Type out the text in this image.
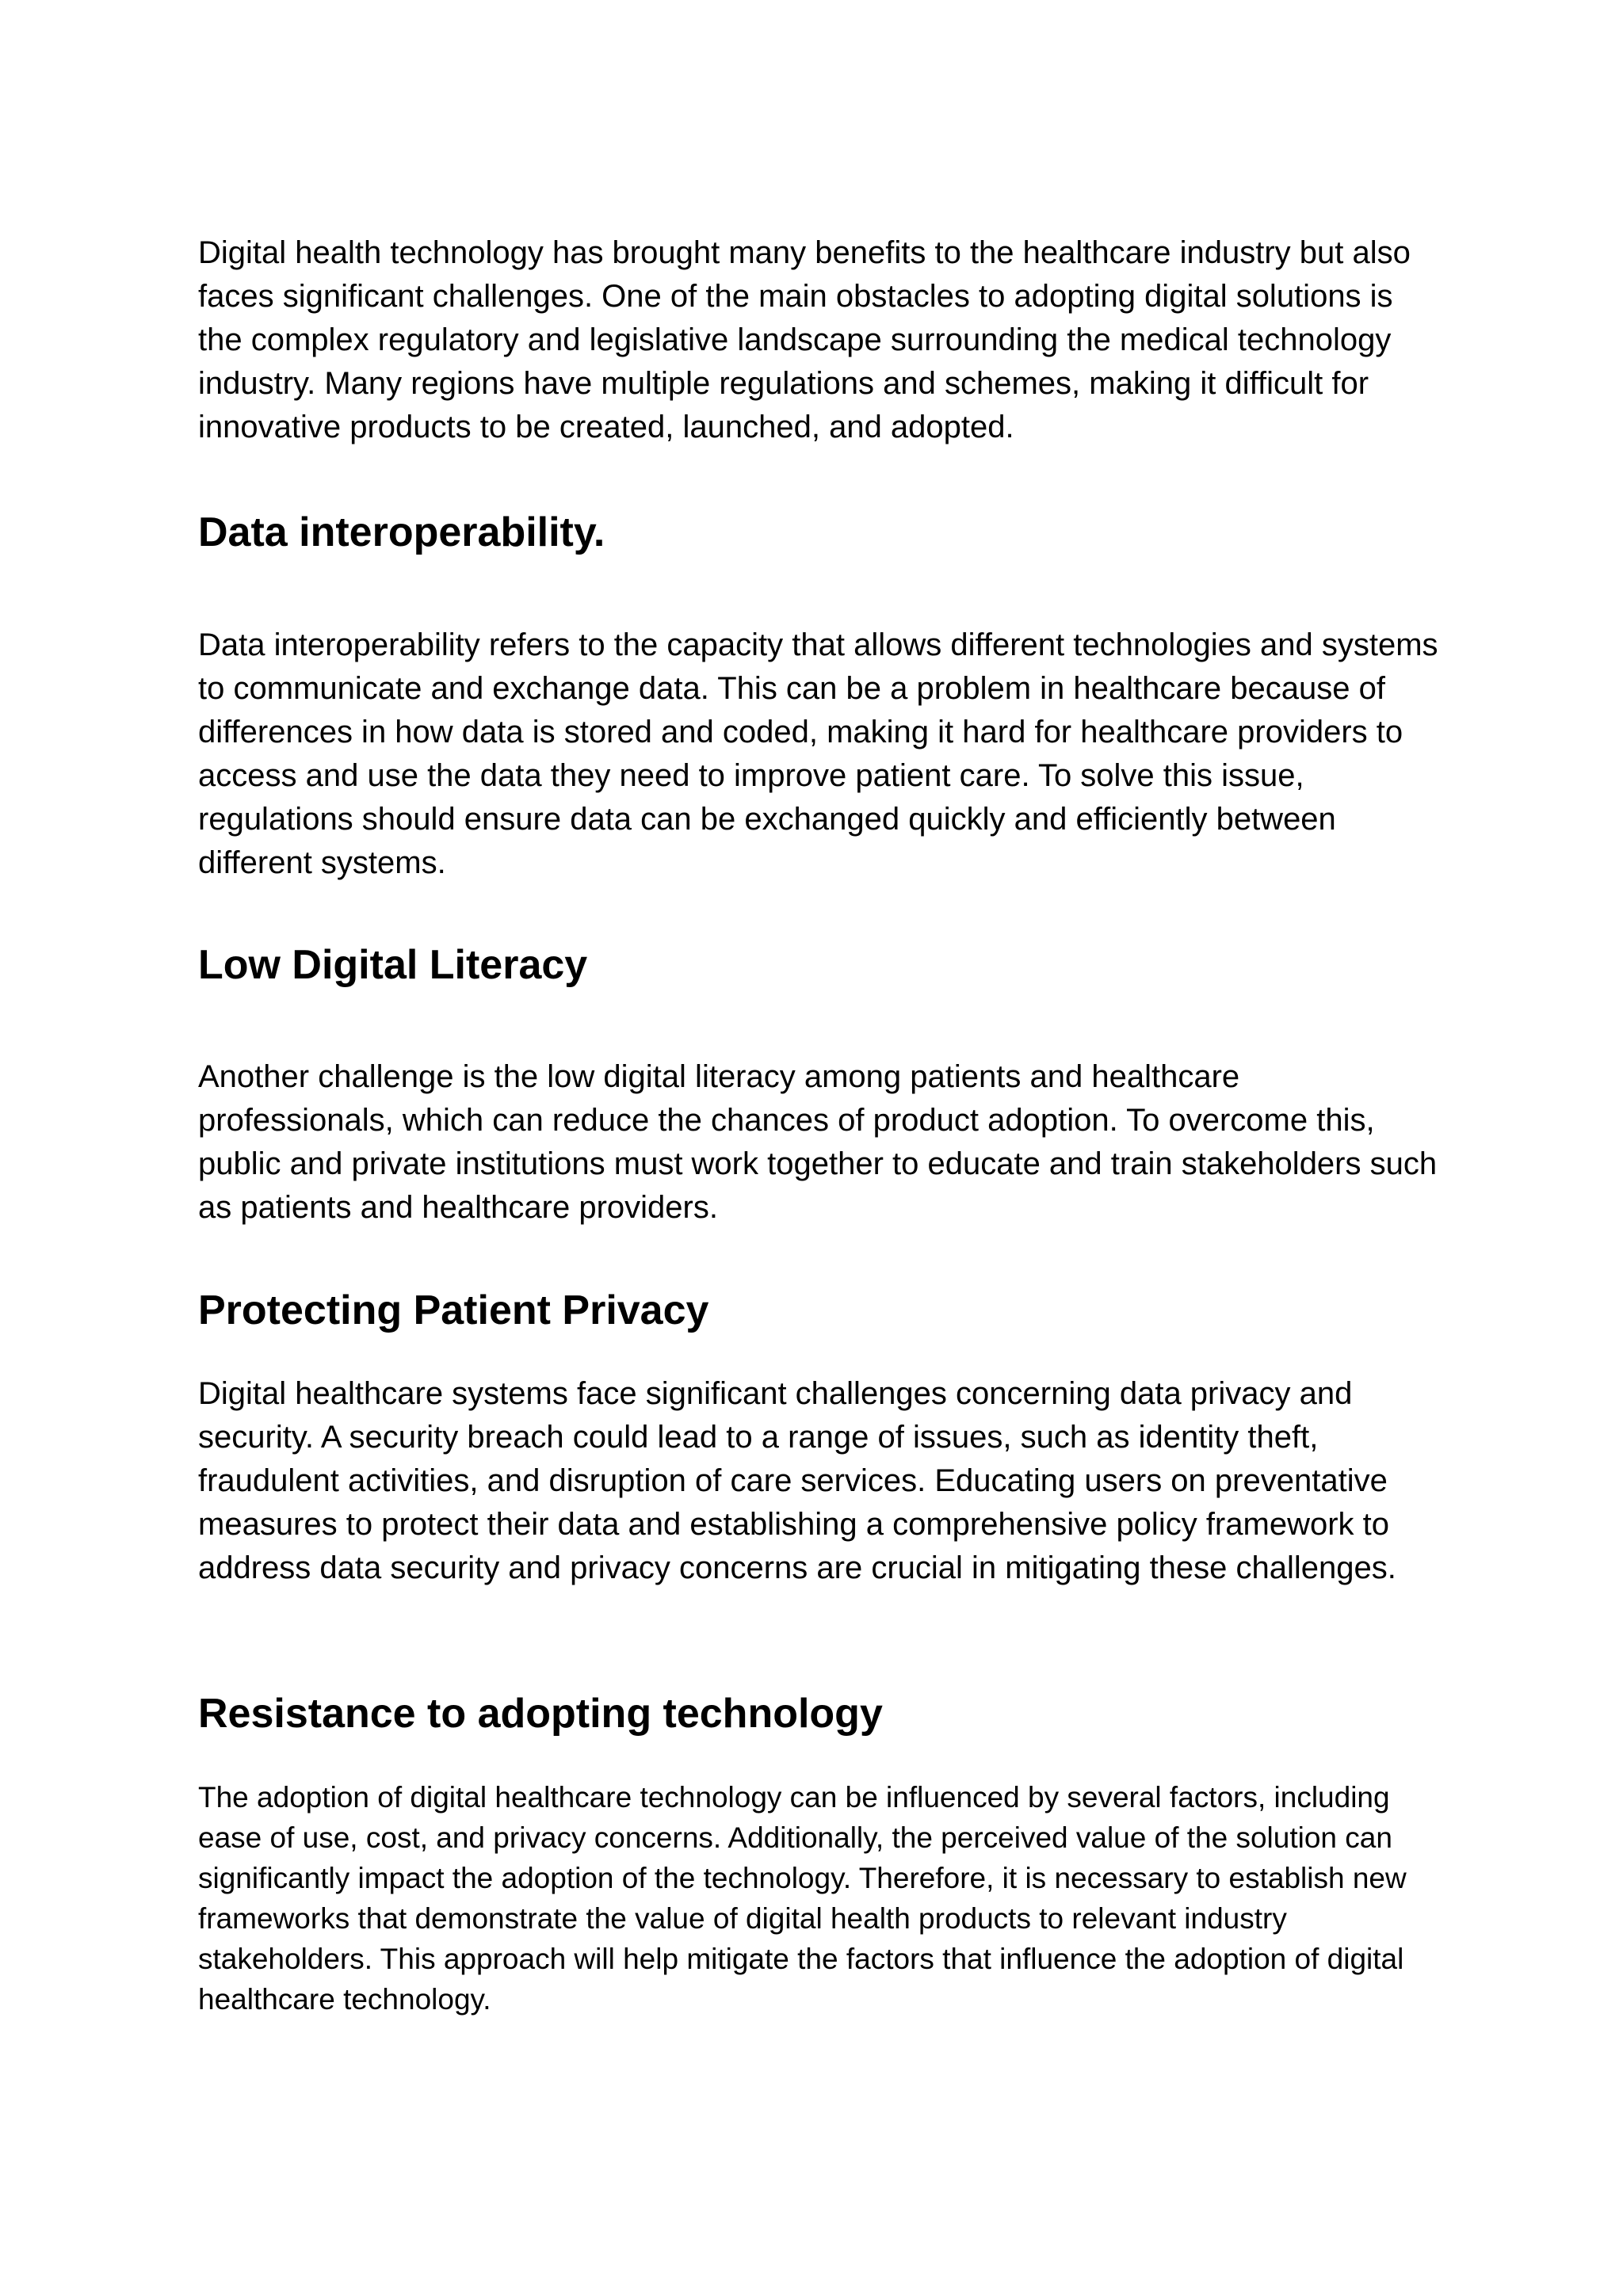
Digital health technology has brought many benefits to the healthcare industry but also faces significant challenges. One of the main obstacles to adopting digital solutions is the complex regulatory and legislative landscape surrounding the medical technology industry. Many regions have multiple regulations and schemes, making it difficult for innovative products to be created, launched, and adopted.

Data interoperability.

Data interoperability refers to the capacity that allows different technologies and systems to communicate and exchange data. This can be a problem in healthcare because of differences in how data is stored and coded, making it hard for healthcare providers to access and use the data they need to improve patient care. To solve this issue, regulations should ensure data can be exchanged quickly and efficiently between different systems.

Low Digital Literacy

Another challenge is the low digital literacy among patients and healthcare professionals, which can reduce the chances of product adoption. To overcome this, public and private institutions must work together to educate and train stakeholders such as patients and healthcare providers.

Protecting Patient Privacy

Digital healthcare systems face significant challenges concerning data privacy and security. A security breach could lead to a range of issues, such as identity theft, fraudulent activities, and disruption of care services. Educating users on preventative measures to protect their data and establishing a comprehensive policy framework to address data security and privacy concerns are crucial in mitigating these challenges.

Resistance to adopting technology

The adoption of digital healthcare technology can be influenced by several factors, including ease of use, cost, and privacy concerns. Additionally, the perceived value of the solution can significantly impact the adoption of the technology. Therefore, it is necessary to establish new frameworks that demonstrate the value of digital health products to relevant industry stakeholders. This approach will help mitigate the factors that influence the adoption of digital healthcare technology.
